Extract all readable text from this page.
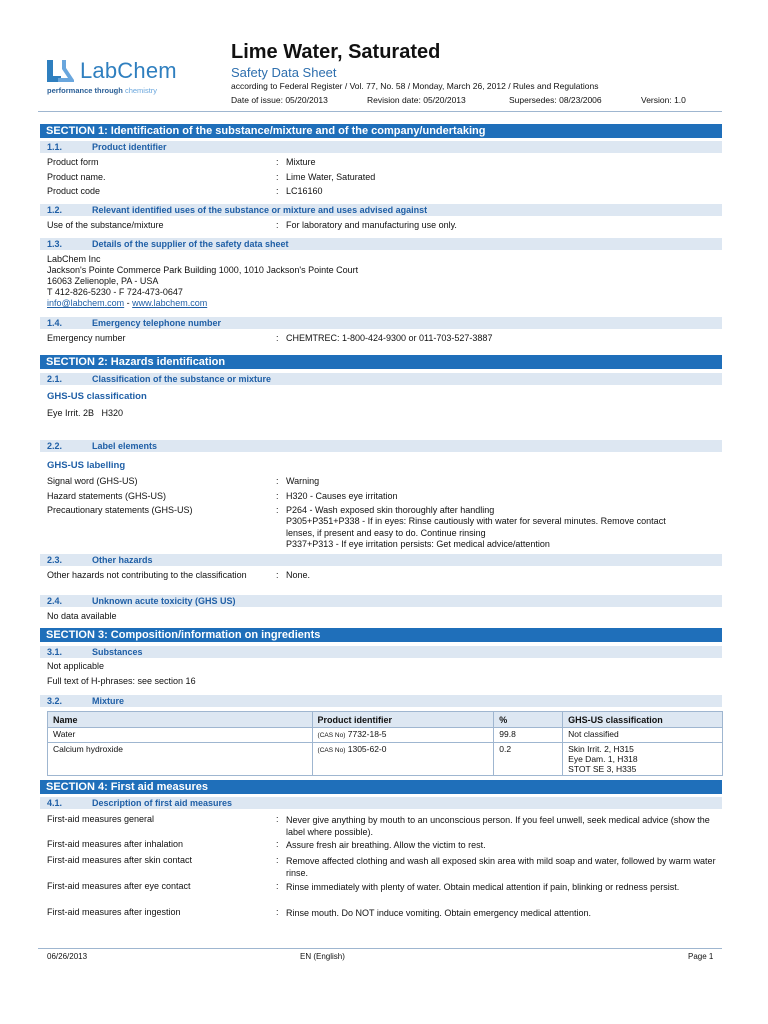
LabChem
performance through chemistry
Lime Water, Saturated
Safety Data Sheet
according to Federal Register / Vol. 77, No. 58 / Monday, March 26, 2012 / Rules and Regulations
Date of issue: 05/20/2013	Revision date: 05/20/2013	Supersedes: 08/23/2006	Version: 1.0
SECTION 1: Identification of the substance/mixture and of the company/undertaking
1.1.	Product identifier
Product form	: Mixture
Product name.	: Lime Water, Saturated
Product code	: LC16160
1.2.	Relevant identified uses of the substance or mixture and uses advised against
Use of the substance/mixture	: For laboratory and manufacturing use only.
1.3.	Details of the supplier of the safety data sheet
LabChem Inc
Jackson's Pointe Commerce Park Building 1000, 1010 Jackson's Pointe Court
16063 Zelienople, PA - USA
T 412-826-5230 - F 724-473-0647
info@labchem.com - www.labchem.com
1.4.	Emergency telephone number
Emergency number	: CHEMTREC: 1-800-424-9300 or 011-703-527-3887
SECTION 2: Hazards identification
2.1.	Classification of the substance or mixture
GHS-US classification
Eye Irrit. 2B   H320
2.2.	Label elements
GHS-US labelling
Signal word (GHS-US)	: Warning
Hazard statements (GHS-US)	: H320 - Causes eye irritation
Precautionary statements (GHS-US)	: P264 - Wash exposed skin thoroughly after handling
P305+P351+P338 - If in eyes: Rinse cautiously with water for several minutes. Remove contact
lenses, if present and easy to do. Continue rinsing
P337+P313 - If eye irritation persists: Get medical advice/attention
2.3.	Other hazards
Other hazards not contributing to the classification	: None.
2.4.	Unknown acute toxicity (GHS US)
No data available
SECTION 3: Composition/information on ingredients
3.1.	Substances
Not applicable
Full text of H-phrases: see section 16
3.2.	Mixture
Name	Product identifier	%	GHS-US classification
Water	(CAS No) 7732-18-5	99.8	Not classified
Calcium hydroxide	(CAS No) 1305-62-0	0.2	Skin Irrit. 2, H315
Eye Dam. 1, H318
STOT SE 3, H335
SECTION 4: First aid measures
4.1.	Description of first aid measures
First-aid measures general	: Never give anything by mouth to an unconscious person. If you feel unwell, seek medical advice (show the label where possible).
First-aid measures after inhalation	: Assure fresh air breathing. Allow the victim to rest.
First-aid measures after skin contact	: Remove affected clothing and wash all exposed skin area with mild soap and water, followed by warm water rinse.
First-aid measures after eye contact	: Rinse immediately with plenty of water. Obtain medical attention if pain, blinking or redness persist.
First-aid measures after ingestion	: Rinse mouth. Do NOT induce vomiting. Obtain emergency medical attention.
06/26/2013	EN (English)	Page 1
